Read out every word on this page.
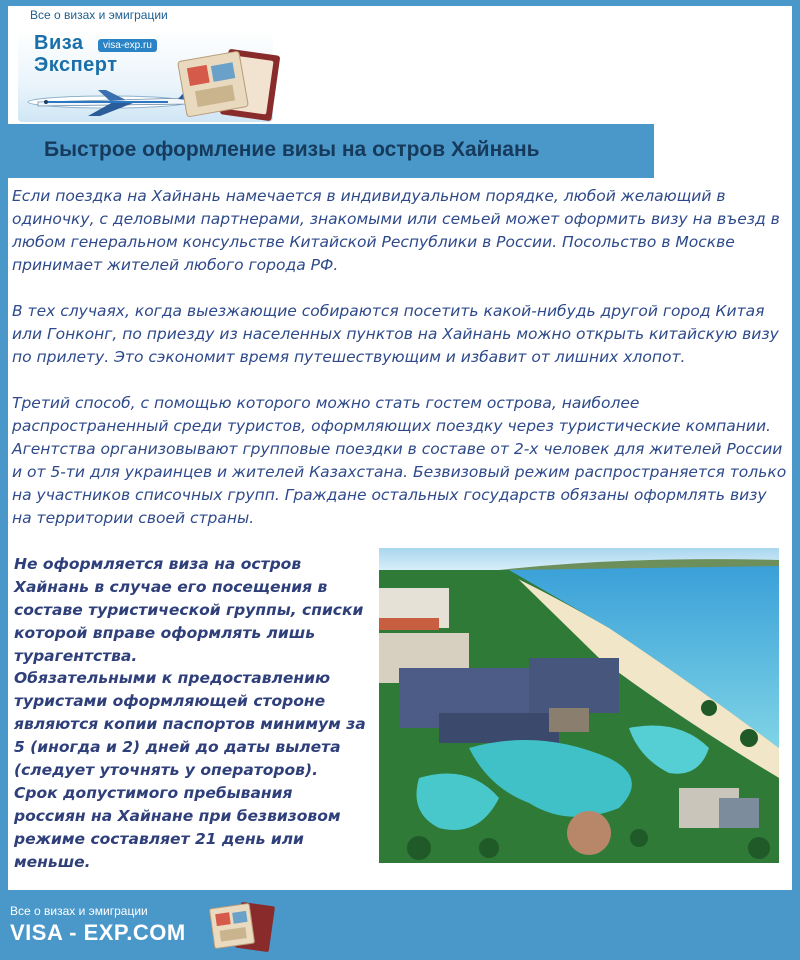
Все о визах и эмиграции
Виза
Эксперт
visa-exp.ru
Быстрое оформление визы на остров Хайнань

Если поездка на Хайнань намечается в индивидуальном порядке, любой желающий в одиночку, с деловыми партнерами, знакомыми или семьей может оформить визу на въезд в любом генеральном консульстве Китайской Республики в России. Посольство в Москве принимает жителей любого города РФ.

В тех случаях, когда выезжающие собираются посетить какой-нибудь другой город Китая или Гонконг, по приезду из населенных пунктов на Хайнань можно открыть китайскую визу по прилету. Это сэкономит время путешествующим и избавит от лишних хлопот.

Третий способ, с помощью которого можно стать гостем острова, наиболее распространенный среди туристов, оформляющих поездку через туристические компании. Агентства организовывают групповые поездки в составе от 2-х человек для жителей России и от 5-ти для украинцев и жителей Казахстана. Безвизовый режим распространяется только на участников списочных групп. Граждане остальных государств обязаны оформлять визу на территории своей страны.

Не оформляется виза на остров Хайнань в случае его посещения в составе туристической группы, списки которой вправе оформлять лишь турагентства.

Обязательными к предоставлению туристами оформляющей стороне являются копии паспортов минимум за 5 (иногда и 2) дней до даты вылета (следует уточнять у операторов). Срок допустимого пребывания россиян на Хайнане при безвизовом режиме составляет 21 день или меньше.

Все о визах и эмиграции
VISA - EXP.COM
